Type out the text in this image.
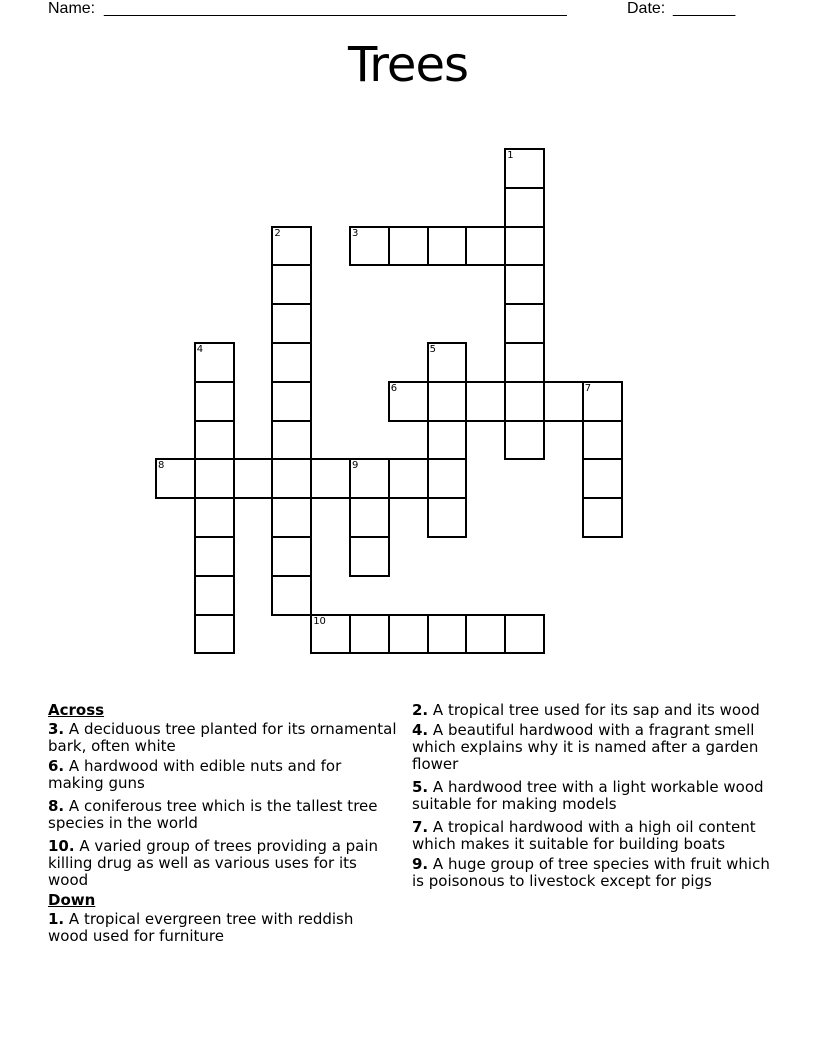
Name: ____________________________________________________	Date: _______
Trees
1
2	3
4	5
6	7
8	9
10
Across
3. A deciduous tree planted for its ornamental bark, often white
6. A hardwood with edible nuts and for making guns
8. A coniferous tree which is the tallest tree species in the world
10. A varied group of trees providing a pain killing drug as well as various uses for its wood
Down
1. A tropical evergreen tree with reddish wood used for furniture
2. A tropical tree used for its sap and its wood
4. A beautiful hardwood with a fragrant smell which explains why it is named after a garden flower
5. A hardwood tree with a light workable wood suitable for making models
7. A tropical hardwood with a high oil content which makes it suitable for building boats
9. A huge group of tree species with fruit which is poisonous to livestock except for pigs
